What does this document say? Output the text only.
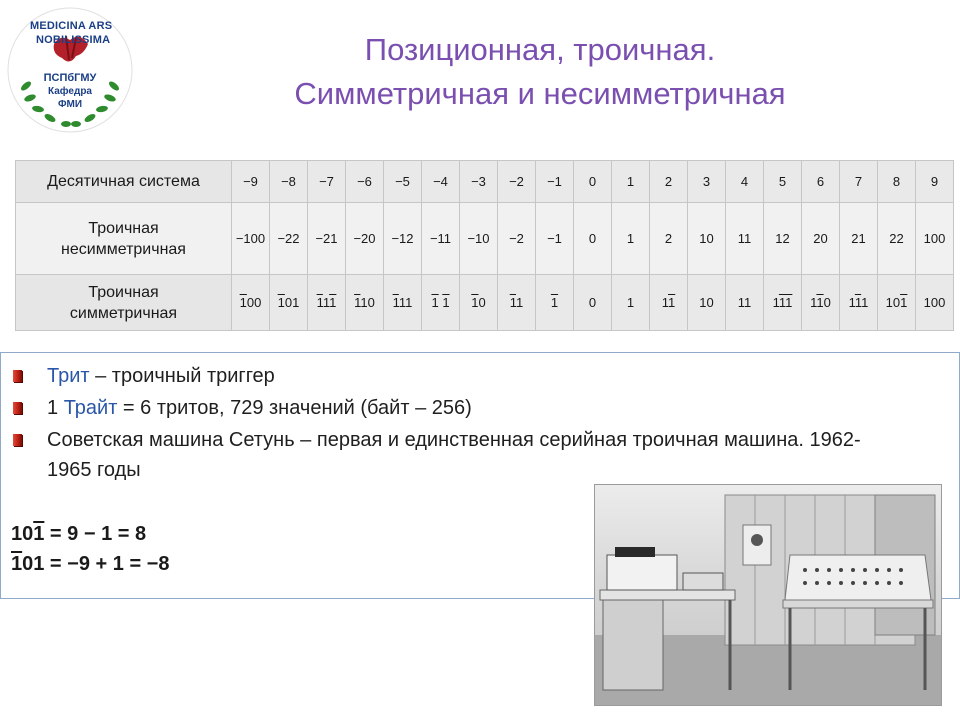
MEDICINA ARS
NOBILISSIMA
ПСПбГМУ
Кафедра
ФМИ
Позиционная, троичная.
Симметричная и несимметричная
Десятичная система	−9	−8	−7	−6	−5	−4	−3	−2	−1	0	1	2	3	4	5	6	7	8	9

Троичная
несимметричная	−100	−22	−21	−20	−12	−11	−10	−2	−1	0	1	2	10	11	12	20	21	22	100

Троичная
симметричная	100	101	111	110	111	1 1	10	11	1	0	1	11	10	11	111	110	111	101	100
Трит – троичный триггер
1 Трайт = 6 тритов, 729 значений (байт – 256)
Советская машина Сетунь – первая и единственная серийная троичная машина. 1962-1965 годы
101 = 9 − 1 = 8
101 = −9 + 1 = −8
